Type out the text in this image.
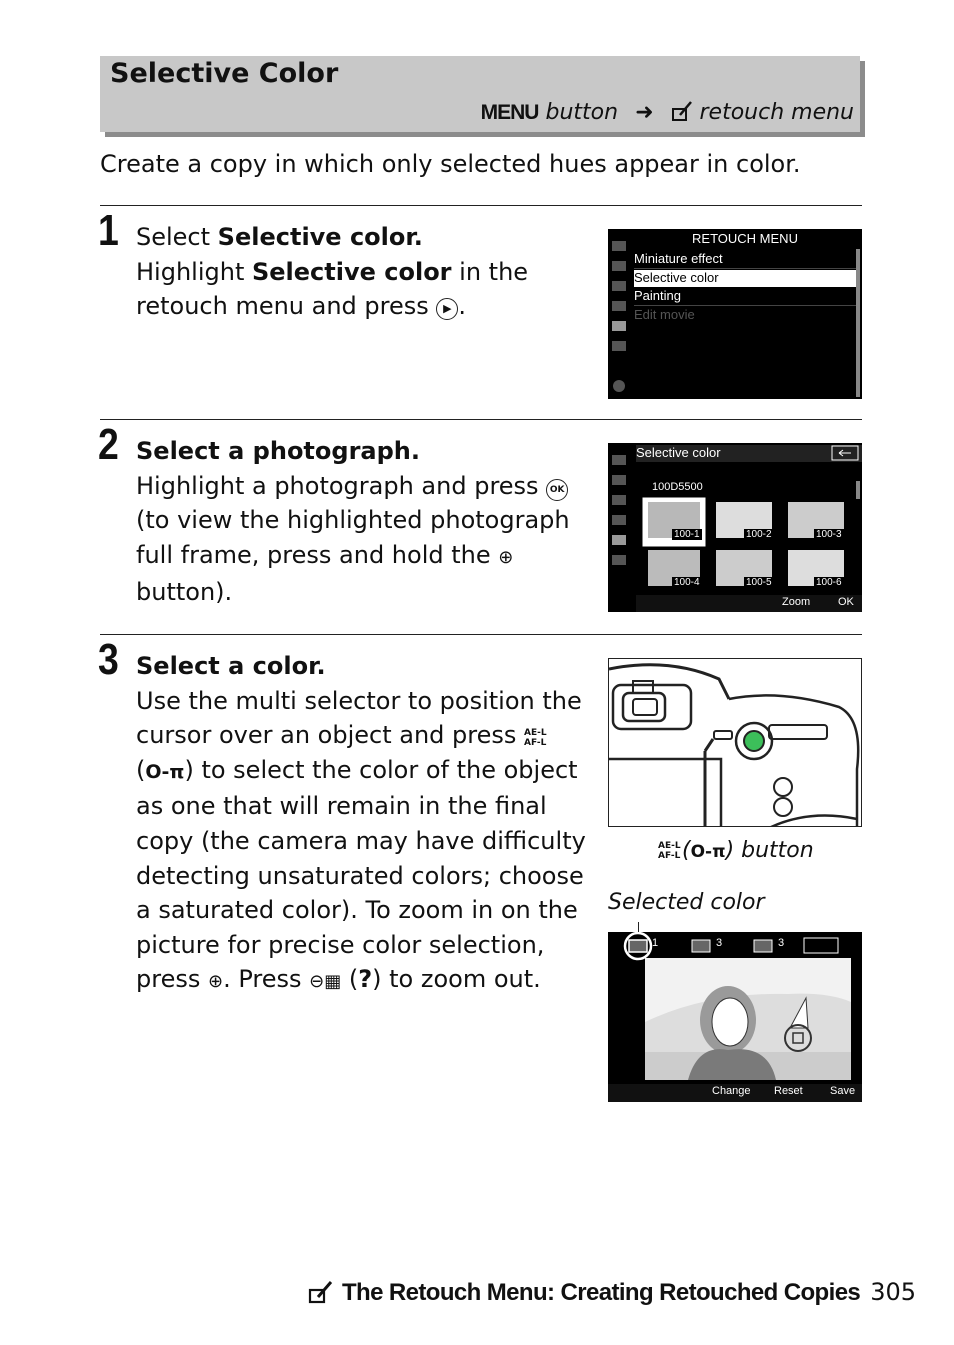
Selective Color
MENU button ➜ retouch menu
Create a copy in which only selected hues appear in color.
1 Select Selective color.
Highlight Selective color in the retouch menu and press ▶ .
RETOUCH MENU
Miniature effect
Selective color
Painting
Edit movie
2 Select a photograph.
Highlight a photograph and press OK (to view the highlighted photograph full frame, press and hold the ⊕ button).
Selective color
100D5500
100-1	100-2	100-3
100-4	100-5	100-6
Zoom	OK
3 Select a color.
Use the multi selector to position the cursor over an object and press AE-L AF-L (O‑π) to select the color of the object as one that will remain in the final copy (the camera may have difficulty detecting unsaturated colors; choose a saturated color). To zoom in on the picture for precise color selection, press ⊕. Press ⊖▦ (?) to zoom out.
AE-L AF-L(O‑π) button
Selected color
1	3	3
Change Reset Save
The Retouch Menu: Creating Retouched Copies 305
